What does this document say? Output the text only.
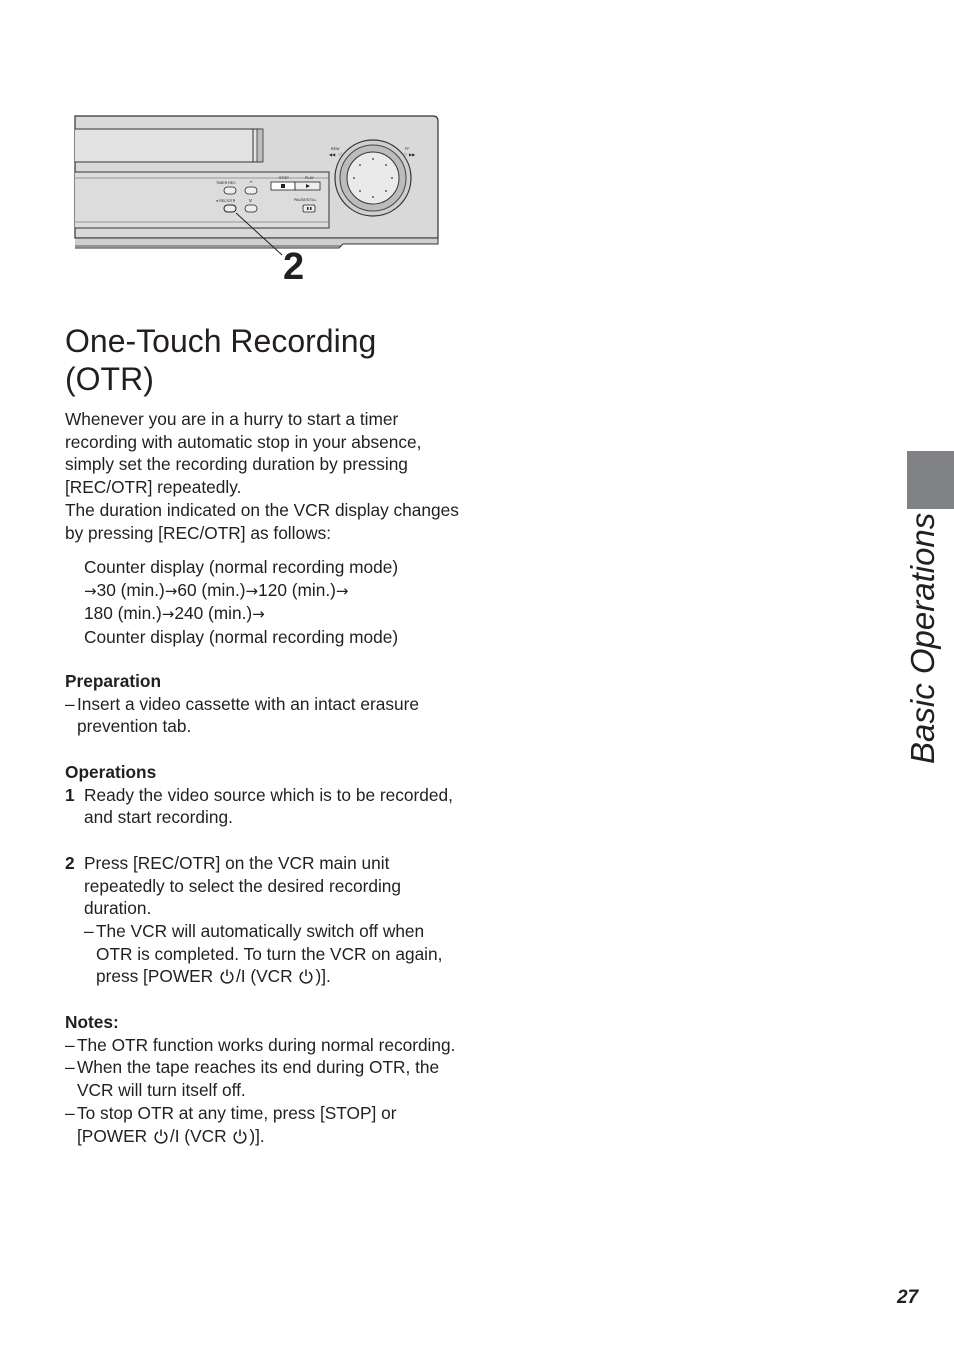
TIMER REC
● REC/OTR
^
v
STOP	PLAY
PAUSE/STILL
REW	FF
◀◀ 〈〈	〉〉▶▶
2
One-Touch Recording (OTR)

Whenever you are in a hurry to start a timer recording with automatic stop in your absence, simply set the recording duration by pressing [REC/OTR] repeatedly.

The duration indicated on the VCR display changes by pressing [REC/OTR] as follows:

Counter display (normal recording mode)
→30 (min.)→60 (min.)→120 (min.)→
180 (min.)→240 (min.)→
Counter display (normal recording mode)
Preparation
– Insert a video cassette with an intact erasure prevention tab.
Operations
1 Ready the video source which is to be recorded, and start recording.
2 Press [REC/OTR] on the VCR main unit repeatedly to select the desired recording duration.
– The VCR will automatically switch off when OTR is completed. To turn the VCR on again, press [POWER /I (VCR )].
Notes:
– The OTR function works during normal recording.
– When the tape reaches its end during OTR, the VCR will turn itself off.
– To stop OTR at any time, press [STOP] or [POWER /I (VCR )].
Basic Operations
27
